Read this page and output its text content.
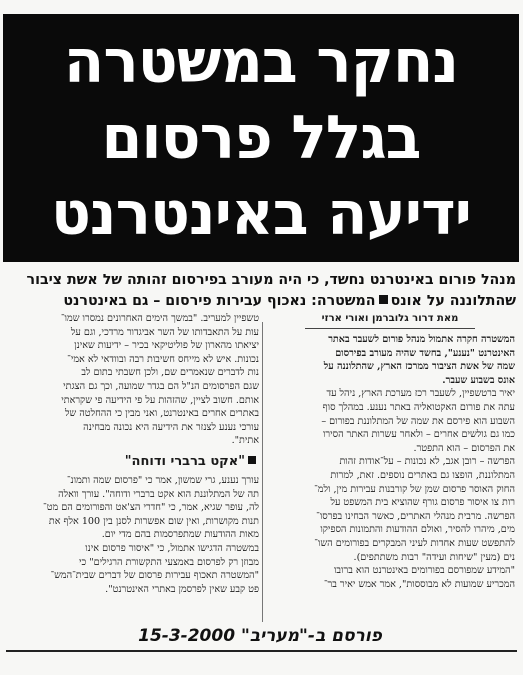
נחקר במשטרה
בגלל פרסום
ידיעה באינטרנט
מנהל פורום באינטרנט נחשד, כי היה מעורב בפירסום זהותה של אשת ציבור
שהתלוננה על אונסהמשטרה: נאכוף עבירות פירסום – גם באינטרנט
מאת דרור גלוברמן ואורי ארזי
המשטרה חקרה אתמול מנהל פורום לשעבר באתר
האינטרנט "נענע", בחשד שהיה מעורב בפירסום
שמה של אשת הציבור ממרכז הארץ, שהתלוננה על
אונס בשבוע שעבר.
יאיר ברטשפיין, לשעבר רכז מערכת הארץ, ניהל עד
עתה את פורום האקטואליה באתר נענע. במהלך סוף
השבוע הוא פירסם את שמה של המתלוננת בפורום –
כמו גם גולשים אחרים – ולאחר עשרות האתר הסירו
את הפרסום – הוא התפטר.
הפרשה – רובן אגב, לא נכונות – על־אודות זהות
המתלוננת, הופצו גם באתרים נוספים. זאת, למרות
החוק האוסר פרסום שמן של קורבנות עבירות מין, ולמ־
רות צו איסור פרסום גורף שהוציא בית המשפט על
הפרשה. מרבית מנהלי האתרים, כאשר הבחינו בפרסו־
מים, מיהרו להסיר, ואולם ההודעות והתמונות הספיקו
להתפשט שעות אחדות לעיני המבקרים בפורומים השו־
נים (מעין "שיחות ועידה" רבות משתתפים).
"המידע שמפורסם בפורומים באינטרנט הוא ברובו
המכריע שמועות לא מבוססות", אמר אמש יאיר בר־
טשפיין למעריב. "במשך הימים האחרונים נמסרו שמו־
עות על התאבדותו של השר אביגדור מרדכי, וגם על
יציאתו מהארון של פוליטיקאי בכיר – ידיעות שאינן
נכונות. איש לא מייחס חשיבות רבה ובוודאי לא אמי־
נות לדברים שנאמרים שם, ולכן חשבתי בתום לב
שגם הפרסומים הנ"ל הם בגדר שמועה, וכך גם הצגתי
אותם. חשוב לציין, שהזהות על פי הידיעה פי שקראתי
באתרים אחרים באינטרנט, ואני מבין כי ההחלטה של
עורכי נענע לצנזר את הידיעה היא נכונה מבחינה
אתית".
"אקט ברברי ודוחה"
עורך נענע, גרי שמשון, אמר כי "פרסום שמה ותמונ־
תה של המתלוננת הוא אקט ברברי ודוחה". עורך וואלה
לה, עופר שגיא, אמר, כי "חדרי הצ'אט והפורומים הם מט־
תנות מקושרות, ואין שום אפשרות לסנן בין 100 אלף את
מאות ההודעות שמתפרסמות בהם מדי יום.
במשטרה הדגישו אתמול, כי "איסור פרסום אינו
מבוזן רק לפרסום באמצעי התקשורת הרגילים" כי
"המשטרה תאכוף עבירות פרסום של דברים שבית־המש־
פט קבע שאין לפרסמן באתרי האינטרנט".
פורסם ב-"מעריב" 15-3-2000
